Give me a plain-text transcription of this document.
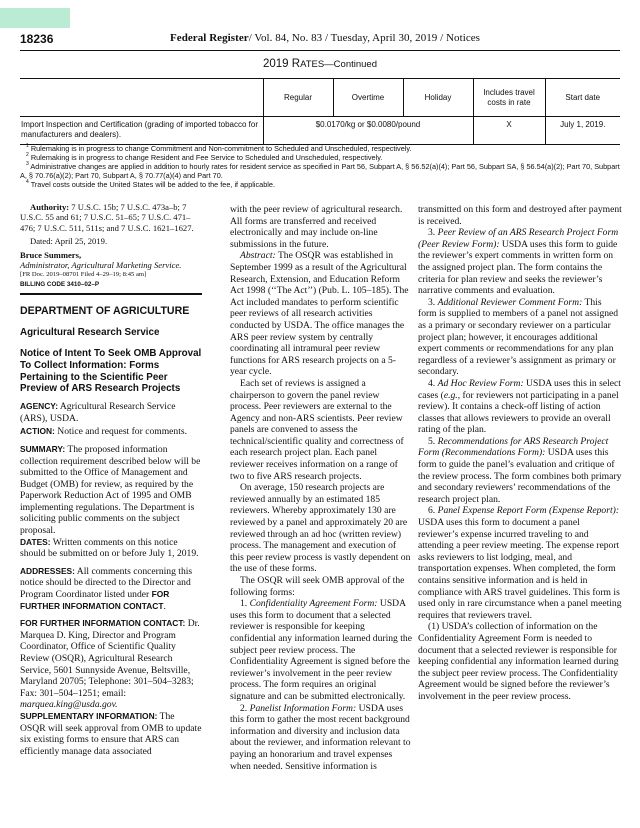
18236	Federal Register/ Vol. 84, No. 83 / Tuesday, April 30, 2019 / Notices
2019 RATES—Continued
	Regular	Overtime	Holiday	Includes travel costs in rate	Start date
Import Inspection and Certification (grading of imported tobacco for manufacturers and dealers).	$0.0170/kg or $0.0080/pound			X	July 1, 2019.

$^1$ Rulemaking is in progress to change Commitment and Non-commitment to Scheduled and Unscheduled, respectively.

$^2$ Rulemaking is in progress to change Resident and Fee Service to Scheduled and Unscheduled, respectively.

$^3$ Administrative changes are applied in addition to hourly rates for resident service as specified in Part 56, Subpart A, § 56.52(a)(4); Part 56, Subpart SA, § 56.54(a)(2); Part 70, Subpart A, § 70.76(a)(2); Part 70, Subpart A, § 70.77(a)(4) and Part 70.

$^4$ Travel costs outside the United States will be added to the fee, if applicable.

Authority: 7 U.S.C. 15b; 7 U.S.C. 473a–b; 7 U.S.C. 55 and 61; 7 U.S.C. 51–65; 7 U.S.C. 471–476; 7 U.S.C. 511, 511s; and 7 U.S.C. 1621–1627.

Dated: April 25, 2019.

Bruce Summers,

Administrator, Agricultural Marketing Service.

[FR Doc. 2019–08701 Filed 4–29–19; 8:45 am]

BILLING CODE 3410–02–P

DEPARTMENT OF AGRICULTURE

Agricultural Research Service

Notice of Intent To Seek OMB Approval To Collect Information: Forms Pertaining to the Scientific Peer Preview of ARS Research Projects

AGENCY: Agricultural Research Service (ARS), USDA.

ACTION: Notice and request for comments.

SUMMARY: The proposed information collection requirement described below will be submitted to the Office of Management and Budget (OMB) for review, as required by the Paperwork Reduction Act of 1995 and OMB implementing regulations. The Department is soliciting public comments on the subject proposal.

DATES: Written comments on this notice should be submitted on or before July 1, 2019.

ADDRESSES: All comments concerning this notice should be directed to the Director and Program Coordinator listed under FOR FURTHER INFORMATION CONTACT.

FOR FURTHER INFORMATION CONTACT: Dr. Marquea D. King, Director and Program Coordinator, Office of Scientific Quality Review (OSQR), Agricultural Research Service, 5601 Sunnyside Avenue, Beltsville, Maryland 20705; Telephone: 301–504–3283; Fax: 301–504–1251; email: marquea.king@usda.gov.

SUPPLEMENTARY INFORMATION: The OSQR will seek approval from OMB to update six existing forms to ensure that ARS can efficiently manage data associated

with the peer review of agricultural research. All forms are transferred and received electronically and may include on-line submissions in the future.

Abstract: The OSQR was established in September 1999 as a result of the Agricultural Research, Extension, and Education Reform Act 1998 (‘‘The Act’’) (Pub. L. 105–185). The Act included mandates to perform scientific peer reviews of all research activities conducted by USDA. The office manages the ARS peer review system by centrally coordinating all intramural peer review functions for ARS research projects on a 5-year cycle.

Each set of reviews is assigned a chairperson to govern the panel review process. Peer reviewers are external to the Agency and non-ARS scientists. Peer review panels are convened to assess the technical/scientific quality and correctness of each research project plan. Each panel reviewer receives information on a range of two to five ARS research projects.

On average, 150 research projects are reviewed annually by an estimated 185 reviewers. Whereby approximately 130 are reviewed by a panel and approximately 20 are reviewed through an ad hoc (written review) process. The management and execution of this peer review process is vastly dependent on the use of these forms.

The OSQR will seek OMB approval of the following forms:

1. Confidentiality Agreement Form: USDA uses this form to document that a selected reviewer is responsible for keeping confidential any information learned during the subject peer review process. The Confidentiality Agreement is signed before the reviewer’s involvement in the peer review process. The form requires an original signature and can be submitted electronically.

2. Panelist Information Form: USDA uses this form to gather the most recent background information and diversity and inclusion data about the reviewer, and information relevant to paying an honorarium and travel expenses when needed. Sensitive information is

transmitted on this form and destroyed after payment is received.

3. Peer Review of an ARS Research Project Form (Peer Review Form): USDA uses this form to guide the reviewer’s expert comments in written form on the assigned project plan. The form contains the criteria for plan review and seeks the reviewer’s narrative comments and evaluation.

3. Additional Reviewer Comment Form: This form is supplied to members of a panel not assigned as a primary or secondary reviewer on a particular project plan; however, it encourages additional expert comments or recommendations for any plan regardless of a reviewer’s assignment as primary or secondary.

4. Ad Hoc Review Form: USDA uses this in select cases (e.g., for reviewers not participating in a panel review). It contains a check-off listing of action classes that allows reviewers to provide an overall rating of the plan.

5. Recommendations for ARS Research Project Form (Recommendations Form): USDA uses this form to guide the panel’s evaluation and critique of the review process. The form combines both primary and secondary reviewers’ recommendations of the research project plan.

6. Panel Expense Report Form (Expense Report): USDA uses this form to document a panel reviewer’s expense incurred traveling to and attending a peer review meeting. The expense report asks reviewers to list lodging, meal, and transportation expenses. When completed, the form contains sensitive information and is held in compliance with ARS travel guidelines. This form is used only in rare circumstance when a panel meeting requires that reviewers travel.

(1) USDA’s collection of information on the Confidentiality Agreement Form is needed to document that a selected reviewer is responsible for keeping confidential any information learned during the subject peer review process. The Confidentiality Agreement would be signed before the reviewer’s involvement in the peer review process.
